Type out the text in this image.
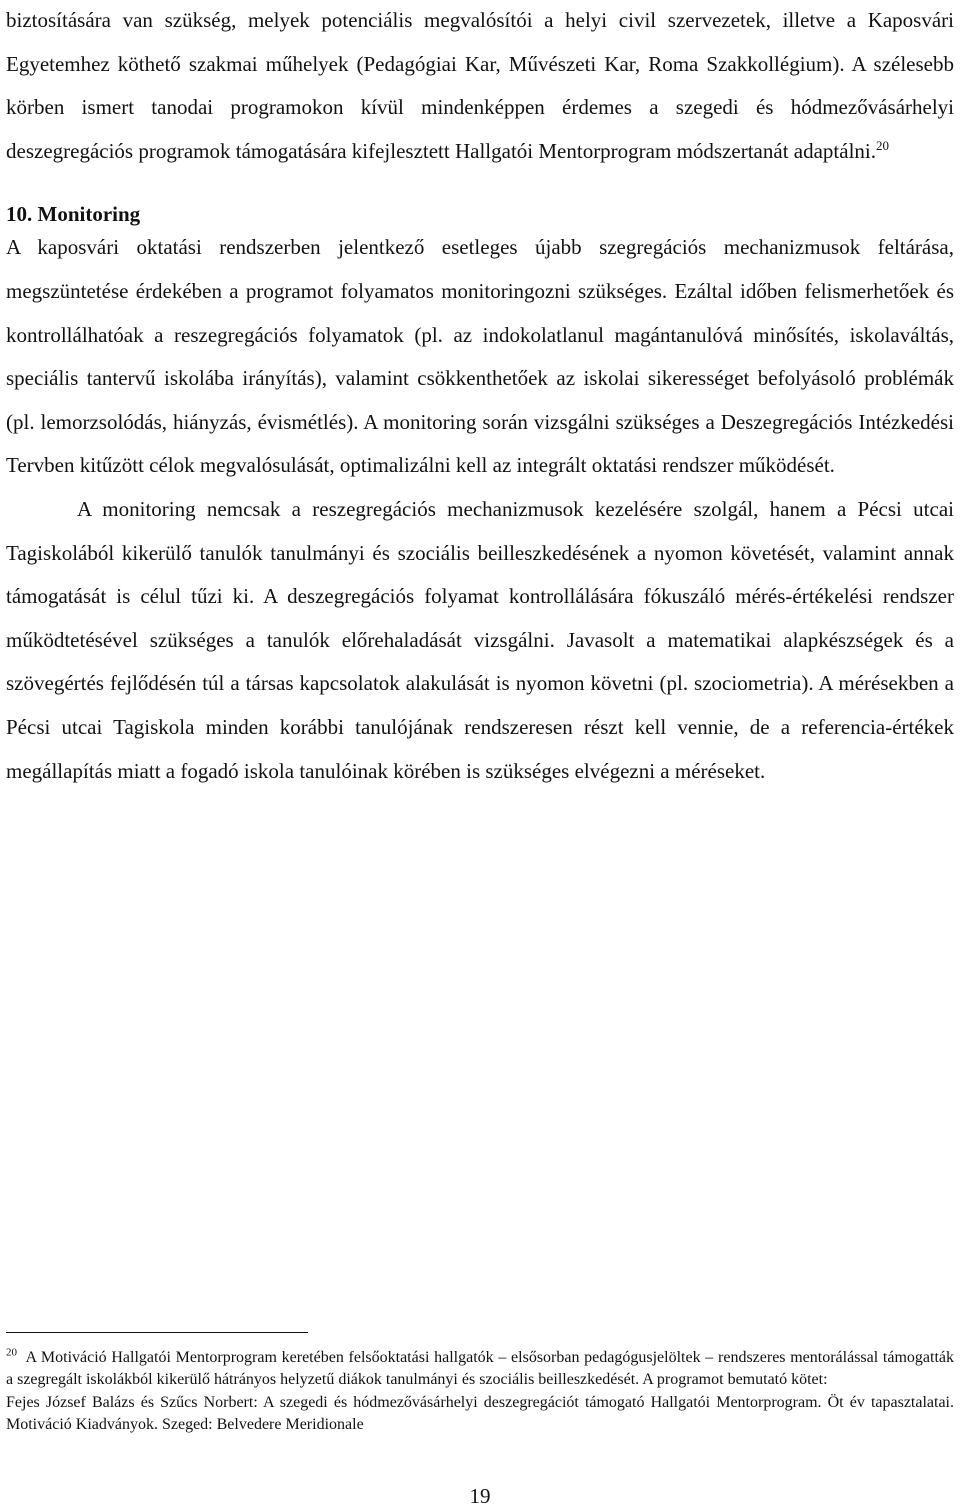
biztosítására van szükség, melyek potenciális megvalósítói a helyi civil szervezetek, illetve a Kaposvári Egyetemhez köthető szakmai műhelyek (Pedagógiai Kar, Művészeti Kar, Roma Szakkollégium). A szélesebb körben ismert tanodai programokon kívül mindenképpen érdemes a szegedi és hódmezővásárhelyi deszegregációs programok támogatására kifejlesztett Hallgatói Mentorprogram módszertanát adaptálni.$^{20}$

10. Monitoring

A kaposvári oktatási rendszerben jelentkező esetleges újabb szegregációs mechanizmusok feltárása, megszüntetése érdekében a programot folyamatos monitoringozni szükséges. Ezáltal időben felismerhetőek és kontrollálhatóak a reszegregációs folyamatok (pl. az indokolatlanul magántanulóvá minősítés, iskolaváltás, speciális tantervű iskolába irányítás), valamint csökkenthetőek az iskolai sikerességet befolyásoló problémák (pl. lemorzsolódás, hiányzás, évismétlés). A monitoring során vizsgálni szükséges a Deszegregációs Intézkedési Tervben kitűzött célok megvalósulását, optimalizálni kell az integrált oktatási rendszer működését.

A monitoring nemcsak a reszegregációs mechanizmusok kezelésére szolgál, hanem a Pécsi utcai Tagiskolából kikerülő tanulók tanulmányi és szociális beilleszkedésének a nyomon követését, valamint annak támogatását is célul tűzi ki. A deszegregációs folyamat kontrollálására fókuszáló mérés-értékelési rendszer működtetésével szükséges a tanulók előrehaladását vizsgálni. Javasolt a matematikai alapkészségek és a szövegértés fejlődésén túl a társas kapcsolatok alakulását is nyomon követni (pl. szociometria). A mérésekben a Pécsi utcai Tagiskola minden korábbi tanulójának rendszeresen részt kell vennie, de a referencia-értékek megállapítás miatt a fogadó iskola tanulóinak körében is szükséges elvégezni a méréseket.

$^{20}$ A Motiváció Hallgatói Mentorprogram keretében felsőoktatási hallgatók – elsősorban pedagógusjelöltek – rendszeres mentorálással támogatták a szegregált iskolákból kikerülő hátrányos helyzetű diákok tanulmányi és szociális beilleszkedését. A programot bemutató kötet:

Fejes József Balázs és Szűcs Norbert: A szegedi és hódmezővásárhelyi deszegregációt támogató Hallgatói Mentorprogram. Öt év tapasztalatai. Motiváció Kiadványok. Szeged: Belvedere Meridionale

19
